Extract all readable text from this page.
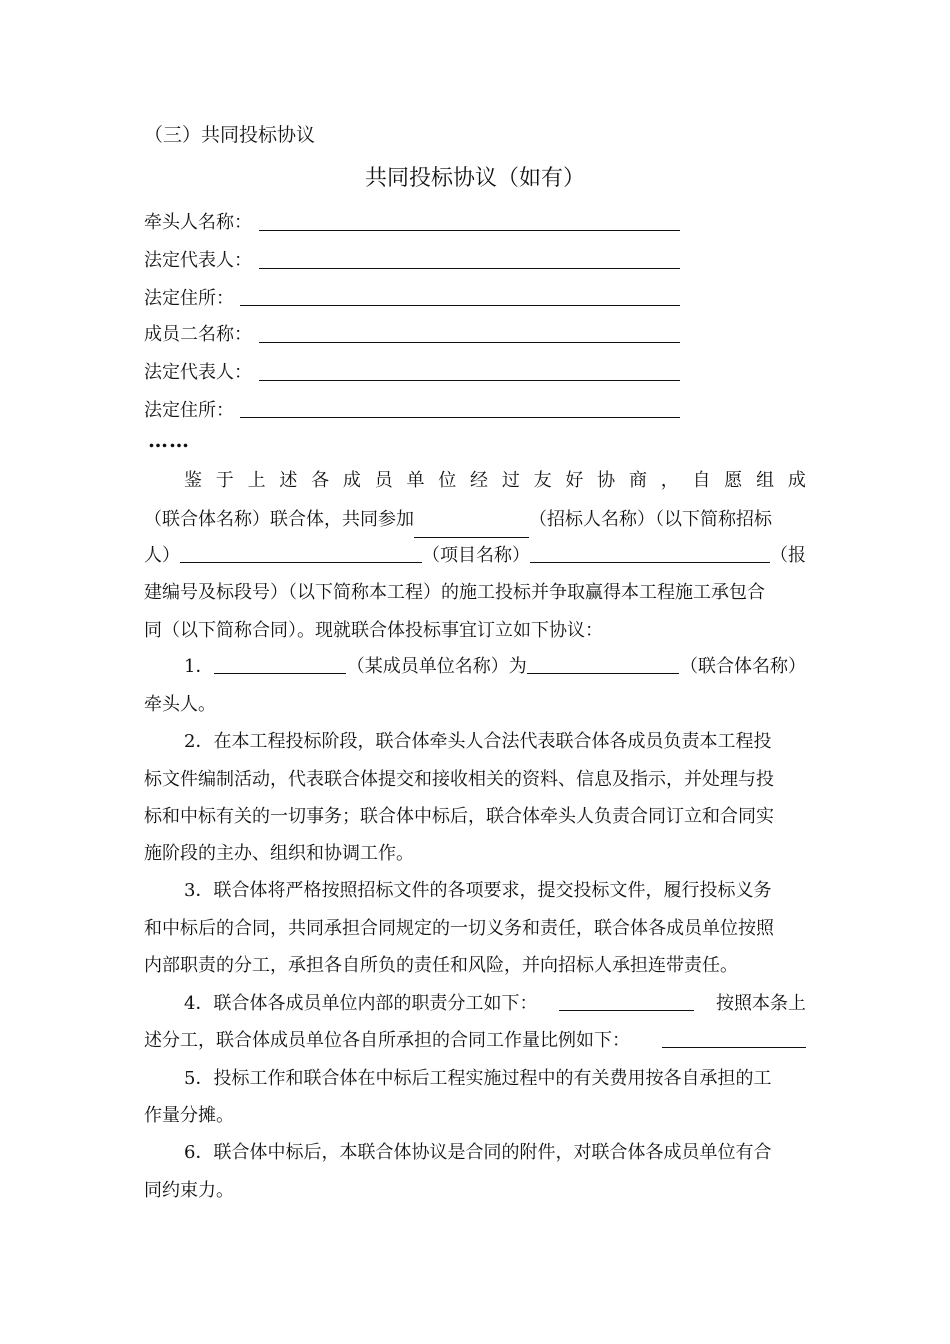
（三）共同投标协议
共同投标协议（如有）
牵头人名称：
法定代表人：
法定住所：
成员二名称：
法定代表人：
法定住所：
……
鉴 于 上 述 各 成 员 单 位 经 过 友 好 协 商 ， 自 愿 组 成
（联合体名称）联合体，共同参加	（招标人名称）（以下简称招标
人）	（项目名称）	（报
建编号及标段号）（以下简称本工程）的施工投标并争取赢得本工程施工承包合
同（以下简称合同）。现就联合体投标事宜订立如下协议：
1．	（某成员单位名称）为	（联合体名称）
牵头人。
2．在本工程投标阶段，联合体牵头人合法代表联合体各成员负责本工程投
标文件编制活动，代表联合体提交和接收相关的资料、信息及指示，并处理与投
标和中标有关的一切事务；联合体中标后，联合体牵头人负责合同订立和合同实
施阶段的主办、组织和协调工作。
3．联合体将严格按照招标文件的各项要求，提交投标文件，履行投标义务
和中标后的合同，共同承担合同规定的一切义务和责任，联合体各成员单位按照
内部职责的分工，承担各自所负的责任和风险，并向招标人承担连带责任。
4．联合体各成员单位内部的职责分工如下：	按照本条上
述分工，联合体成员单位各自所承担的合同工作量比例如下：
5．投标工作和联合体在中标后工程实施过程中的有关费用按各自承担的工
作量分摊。
6．联合体中标后，本联合体协议是合同的附件，对联合体各成员单位有合
同约束力。
